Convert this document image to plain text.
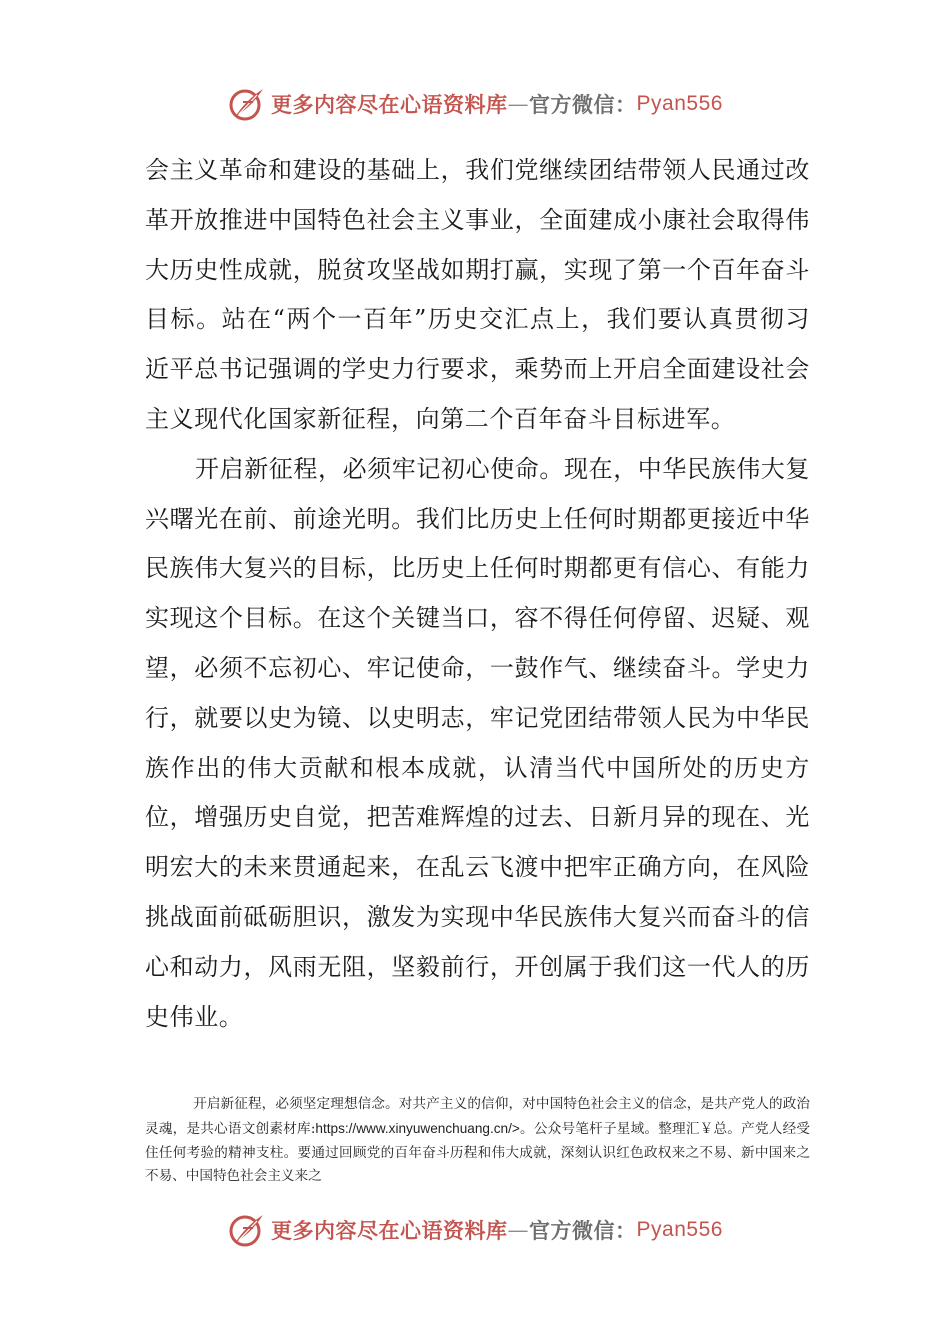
更多内容尽在心语资料库 — 官方微信： Pyan556

会主义革命和建设的基础上，我们党继续团结带领人民通过改革开放推进中国特色社会主义事业，全面建成小康社会取得伟大历史性成就，脱贫攻坚战如期打赢，实现了第一个百年奋斗目标。站在“两个一百年”历史交汇点上，我们要认真贯彻习近平总书记强调的学史力行要求，乘势而上开启全面建设社会主义现代化国家新征程，向第二个百年奋斗目标进军。

开启新征程，必须牢记初心使命。现在，中华民族伟大复兴曙光在前、前途光明。我们比历史上任何时期都更接近中华民族伟大复兴的目标，比历史上任何时期都更有信心、有能力实现这个目标。在这个关键当口，容不得任何停留、迟疑、观望，必须不忘初心、牢记使命，一鼓作气、继续奋斗。学史力行，就要以史为镜、以史明志，牢记党团结带领人民为中华民族作出的伟大贡献和根本成就，认清当代中国所处的历史方位，增强历史自觉，把苦难辉煌的过去、日新月异的现在、光明宏大的未来贯通起来，在乱云飞渡中把牢正确方向，在风险挑战面前砥砺胆识，激发为实现中华民族伟大复兴而奋斗的信心和动力，风雨无阻，坚毅前行，开创属于我们这一代人的历史伟业。

开启新征程，必须坚定理想信念。对共产主义的信仰，对中国特色社会主义的信念，是共产党人的政治灵魂，是共心语文创素材库:https://www.xinyuwenchuang.cn/>。公众号笔杆子星域。整理汇￥总。产党人经受住任何考验的精神支柱。要通过回顾党的百年奋斗历程和伟大成就，深刻认识红色政权来之不易、新中国来之不易、中国特色社会主义来之
更多内容尽在心语资料库 — 官方微信： Pyan556
